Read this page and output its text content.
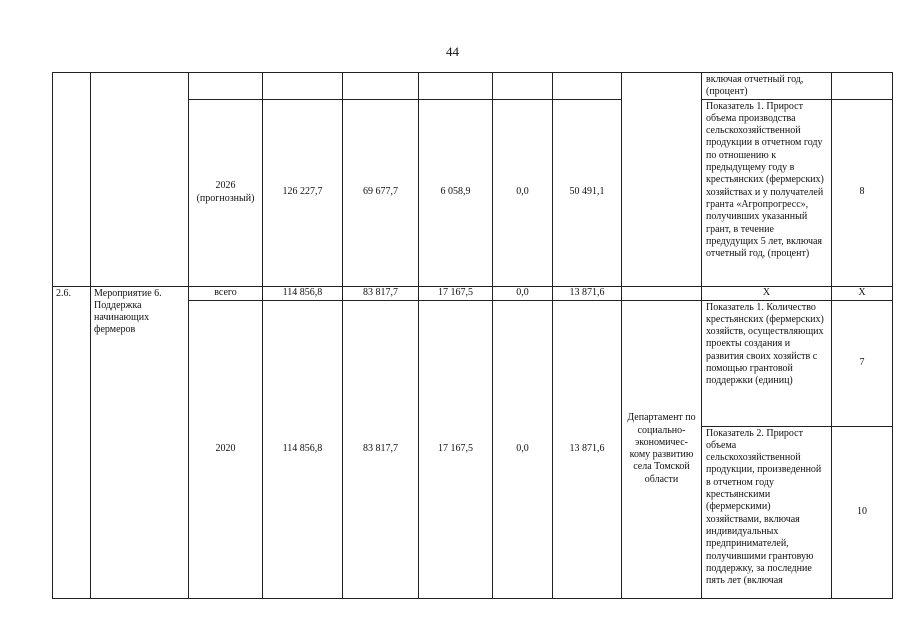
44
									включая отчетный год, (процент)	
		2026 (прогнозный)	126 227,7	69 677,7	6 058,9	0,0	50 491,1		Показатель 1. Прирост объема производства сельскохозяйственной продукции в отчетном году по отношению к предыдущему году в крестьянских (фермерских) хозяйствах и у получателей гранта «Агропрогресс», получивших указанный грант, в течение предудущих 5 лет, включая отчетный год, (процент)	8
2.6.	Мероприятие 6. Поддержка начинающих фермеров	всего	114 856,8	83 817,7	17 167,5	0,0	13 871,6		X	X
		2020	114 856,8	83 817,7	17 167,5	0,0	13 871,6	Департамент по социально-экономичес-кому развитию села Томской области	Показатель 1. Количество крестьянских (фермерских) хозяйств, осуществляющих проекты создания и развития своих хозяйств с помощью грантовой поддержки (единиц)	7
									Показатель 2. Прирост объема сельскохозяйственной продукции, произведенной в отчетном году крестьянскими (фермерскими) хозяйствами, включая индивидуальных предпринимателей, получившими грантовую поддержку, за последние пять лет (включая	10
